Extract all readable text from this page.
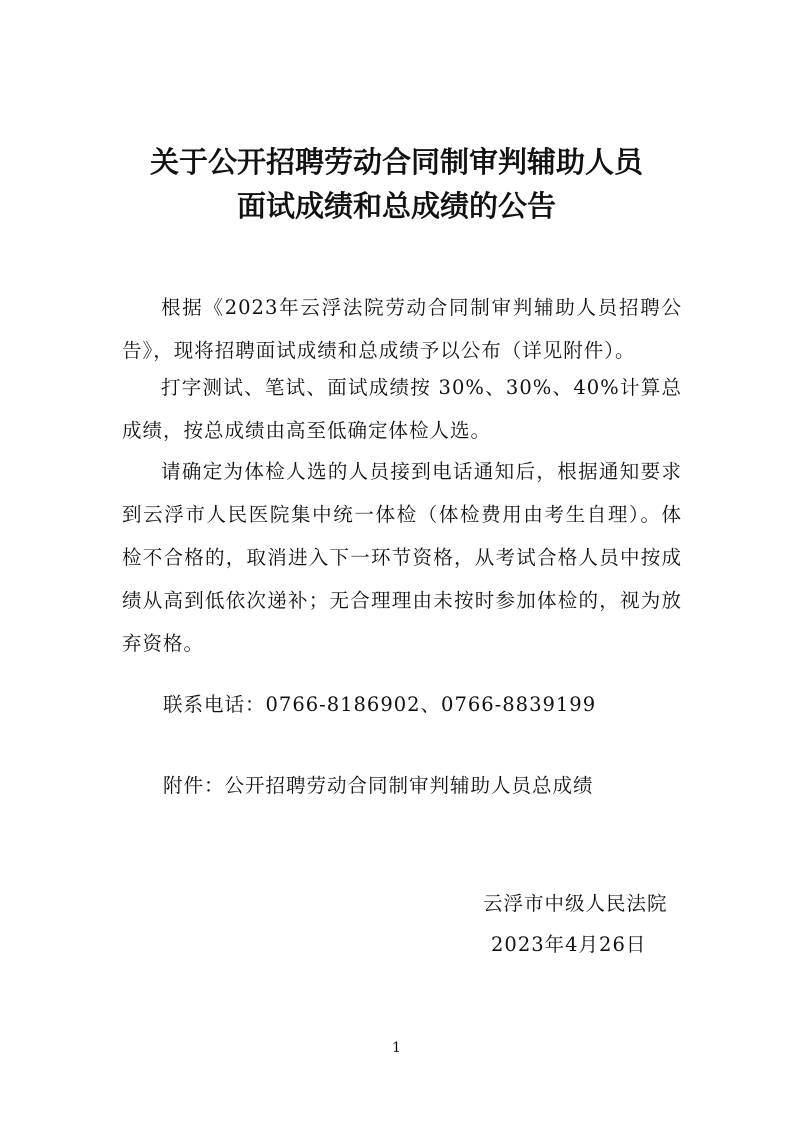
关于公开招聘劳动合同制审判辅助人员
面试成绩和总成绩的公告

根据《2023年云浮法院劳动合同制审判辅助人员招聘公告》，现将招聘面试成绩和总成绩予以公布（详见附件）。

打字测试、笔试、面试成绩按 30%、30%、40%计算总成绩，按总成绩由高至低确定体检人选。

请确定为体检人选的人员接到电话通知后，根据通知要求到云浮市人民医院集中统一体检（体检费用由考生自理）。体检不合格的，取消进入下一环节资格，从考试合格人员中按成绩从高到低依次递补；无合理理由未按时参加体检的，视为放弃资格。

联系电话：0766-8186902、0766-8839199
附件：公开招聘劳动合同制审判辅助人员总成绩
云浮市中级人民法院
2023年4月26日
1
